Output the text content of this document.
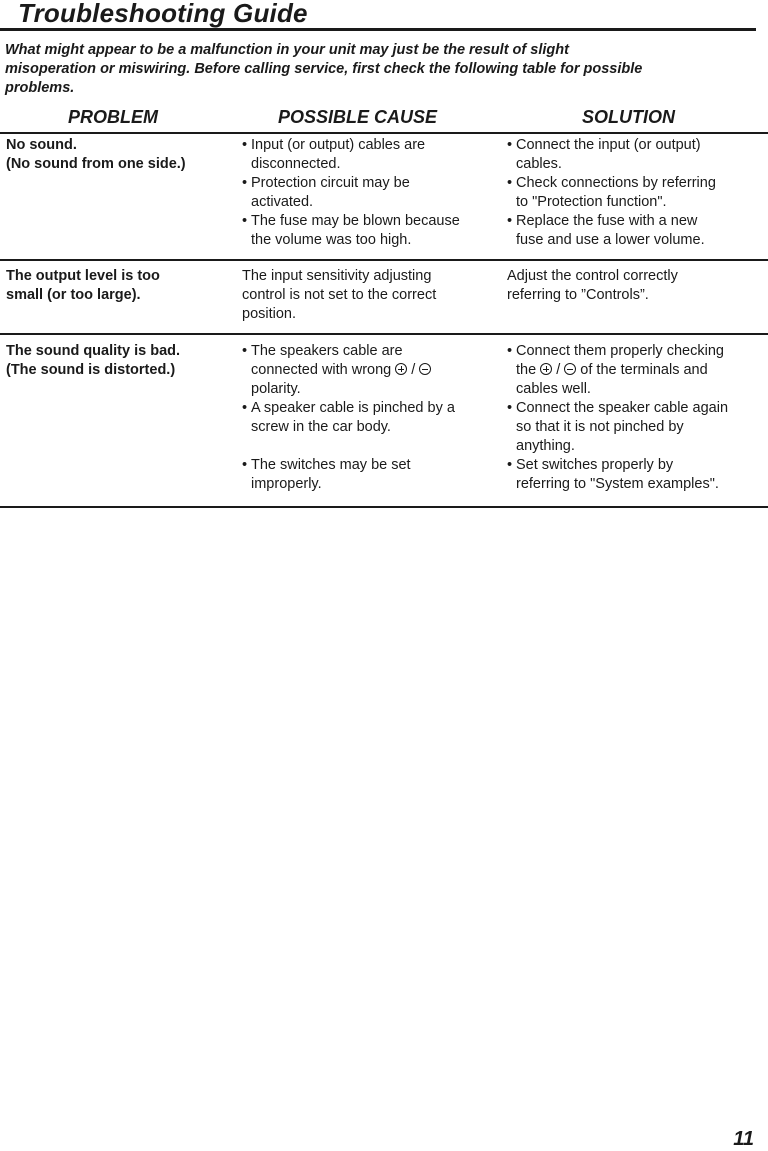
Troubleshooting Guide
What might appear to be a malfunction in your unit may just be the result of slight
misoperation or miswiring. Before calling service, first check the following table for possible
problems.
PROBLEM	POSSIBLE CAUSE	SOLUTION
No sound.
(No sound from one side.)
• Input (or output) cables are
disconnected.
• Protection circuit may be
activated.
• The fuse may be blown because
the volume was too high.
• Connect the input (or output)
cables.
• Check connections by referring
to "Protection function".
• Replace the fuse with a new
fuse and use a lower volume.
The output level is too
small (or too large).
The input sensitivity adjusting
control is not set to the correct
position.
Adjust the control correctly
referring to ”Controls”.
The sound quality is bad.
(The sound is distorted.)
• The speakers cable are
connected with wrong  /
polarity.
• A speaker cable is pinched by a
screw in the car body.
• The switches may be set
improperly.
• Connect them properly checking
the  /  of the terminals and
cables well.
• Connect the speaker cable again
so that it is not pinched by
anything.
• Set switches properly by
referring to "System examples".
11
